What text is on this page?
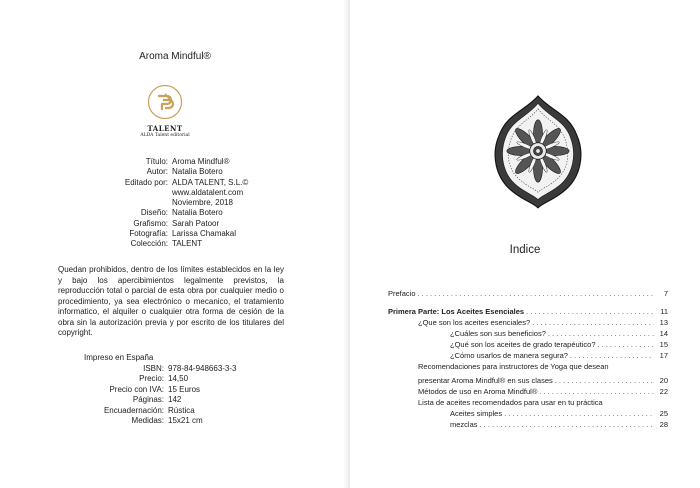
Aroma Mindful®
TALENT
ALDA Talent editorial
Título: Aroma Mindful®
Autor: Natalia Botero
Editado por: ALDA TALENT, S.L.©
www.aldatalent.com
Noviembre, 2018
Diseño: Natalia Botero
Grafismo: Sarah Patoor
Fotografía: Larissa Chamakal
Colección: TALENT
Quedan prohibidos, dentro de los límites establecidos en la ley y bajo los apercibimientos legalmente previstos, la reproducción total o parcial de esta obra por cualquier medio o procedimiento, ya sea electrónico o mecanico, el tratamiento informatico, el alquiler o cualquier otra forma de cesión de la obra sin la autorización previa y por escrito de los titulares del copyright.
Impreso en España
ISBN: 978-84-948663-3-3
Precio: 14,50
Precio con IVA: 15 Euros
Páginas: 142
Encuadernación: Rústica
Medidas: 15x21 cm
Indice
Prefacio . . .	7
Primera Parte: Los Aceites Esenciales . . .	11
¿Que son los aceites esenciales? . . .	13
¿Cuáles son sus beneficios? . . .	14
¿Qué son los aceites de grado terapéutico? . . .	15
¿Cómo usarlos de manera segura? . . .	17
Recomendaciones para instructores de Yoga que desean
presentar Aroma Mindful® en sus clases . . .	20
Métodos de uso en Aroma Mindful® . . .	22
Lista de aceites recomendados para usar en tu práctica
Aceites simples . . .	25
mezclas . . .	28
